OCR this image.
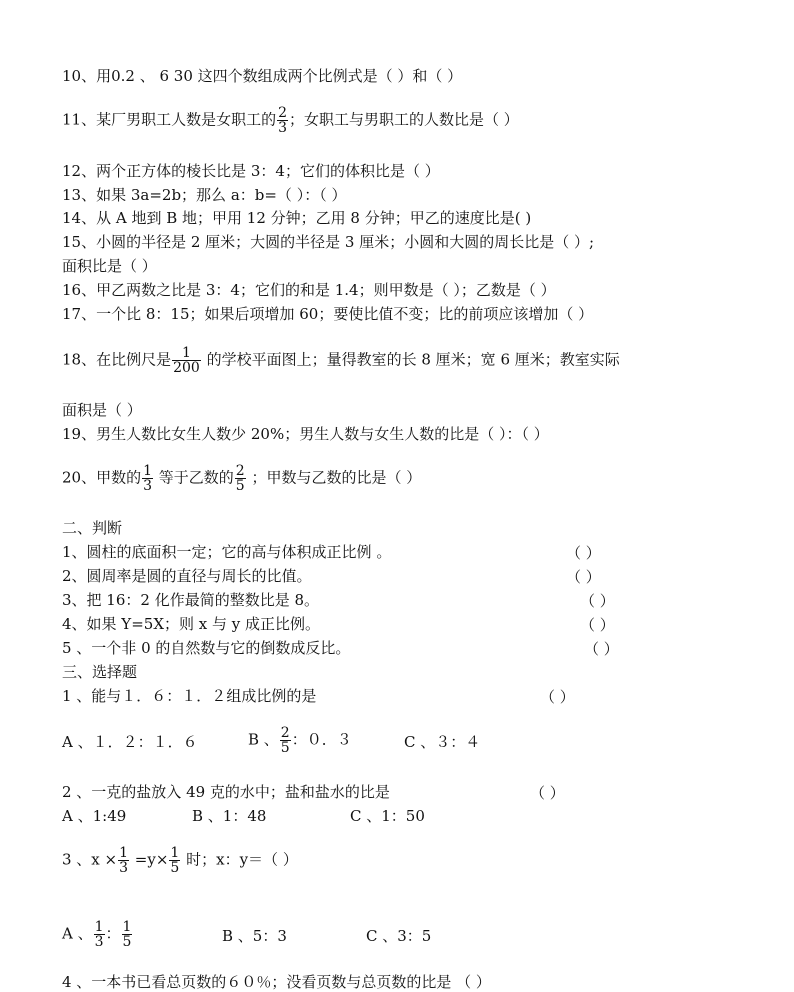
10、用0.2 、 6 30 这四个数组成两个比例式是（ ）和（ ）
11、某厂男职工人数是女职工的 $\frac{2}{3}$ ；女职工与男职工的人数比是（ ）
12、两个正方体的棱长比是 3：4；它们的体积比是（ ）
13、如果 3a=2b；那么 a：b=（ ）：（ ）
14、从 A 地到 B 地；甲用 12 分钟；乙用 8 分钟；甲乙的速度比是( )
15、小圆的半径是 2 厘米；大圆的半径是 3 厘米；小圆和大圆的周长比是（ ）;
面积比是（ ）
16、甲乙两数之比是 3：4；它们的和是 1.4；则甲数是（ ）；乙数是（ ）
17、一个比 8：15；如果后项增加 60；要使比值不变；比的前项应该增加（ ）
18、在比例尺是 $\frac{1}{200}$ 的学校平面图上；量得教室的长 8 厘米；宽 6 厘米；教室实际
面积是（ ）
19、男生人数比女生人数少 20%；男生人数与女生人数的比是（ ）：（ ）
20、甲数的 $\frac{1}{3}$ 等于乙数的 $\frac{2}{5}$ ；甲数与乙数的比是（ ）
二、判断
1、圆柱的底面积一定；它的高与体积成正比例 。	（ ）
2、圆周率是圆的直径与周长的比值。	（ ）
3、把 16：2 化作最简的整数比是 8。	（ ）
4、如果 Y=5X；则 x 与 y 成正比例。	（ ）
5 、一个非 0 的自然数与它的倒数成反比。	（ ）
三、选择题
1 、能与１．６：１．２组成比例的是	（ ）
A 、１．２：１．６	B 、 $\frac{2}{5}$ ：０．３	C 、３：４
2 、一克的盐放入 49 克的水中；盐和盐水的比是	（ ）
A 、1:49	B 、1：48	C 、1：50
3 、$x \times \frac{1}{3} =y\times \frac{1}{5}$ 时；x：y＝（ ）
A 、 $\frac{1}{3}$ ： $\frac{1}{5}$	B 、5：3	C 、3：5
4 、一本书已看总页数的６０％；没看页数与总页数的比是 （ ）
